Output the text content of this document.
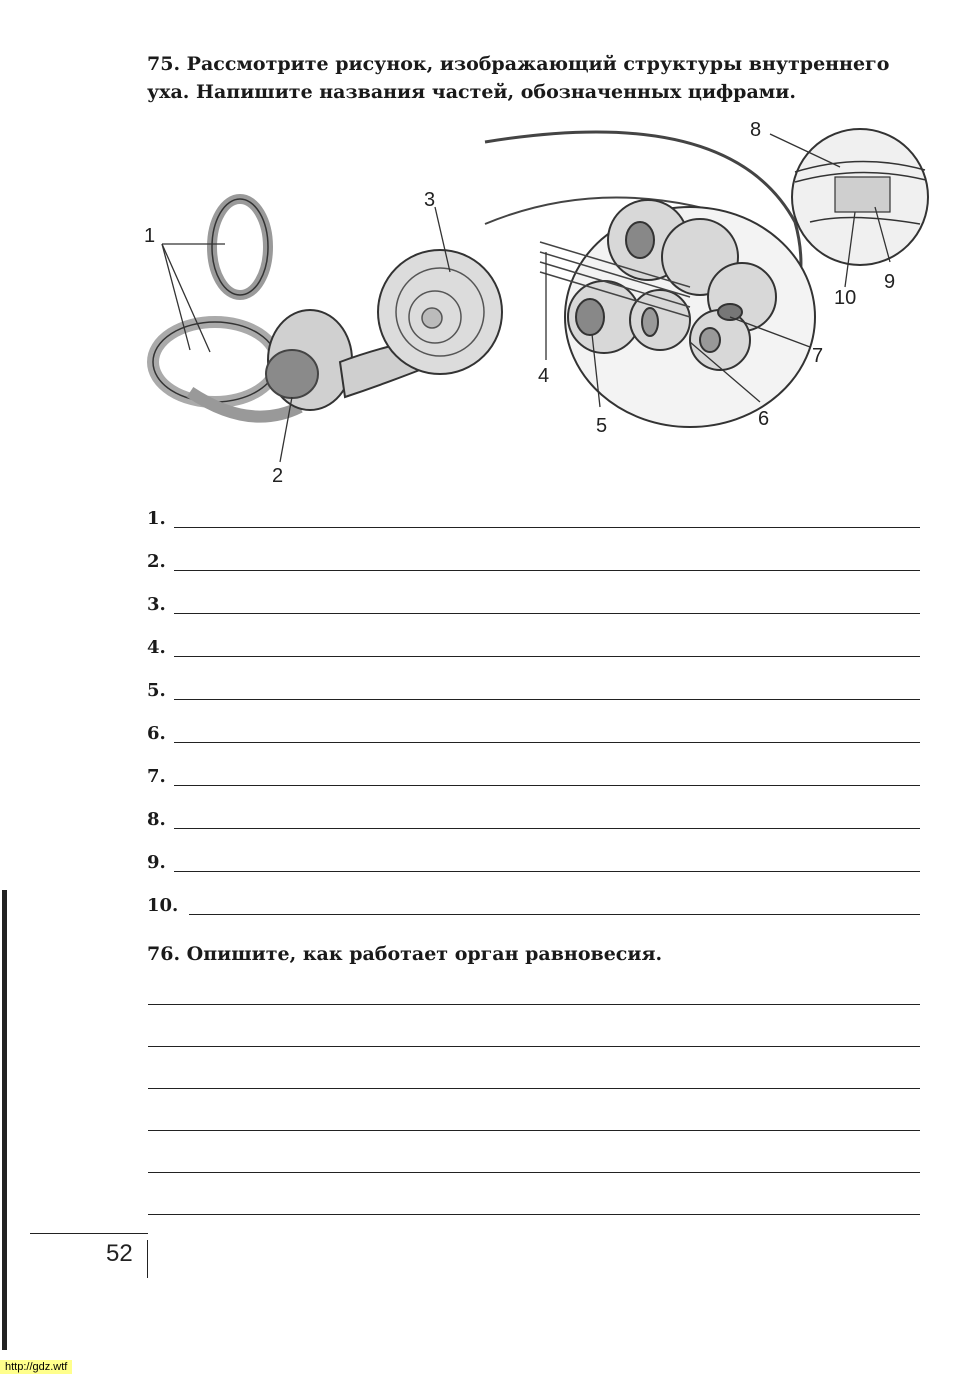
75. Рассмотрите рисунок, изображающий структуры внутреннего уха. Напишите названия частей, обозначенных цифрами.
1
2
3
4
5	6
7
8
9
10
1.
2.
3.
4.
5.
6.
7.
8.
9.
10.
76. Опишите, как работает орган равновесия.
52
http://gdz.wtf
